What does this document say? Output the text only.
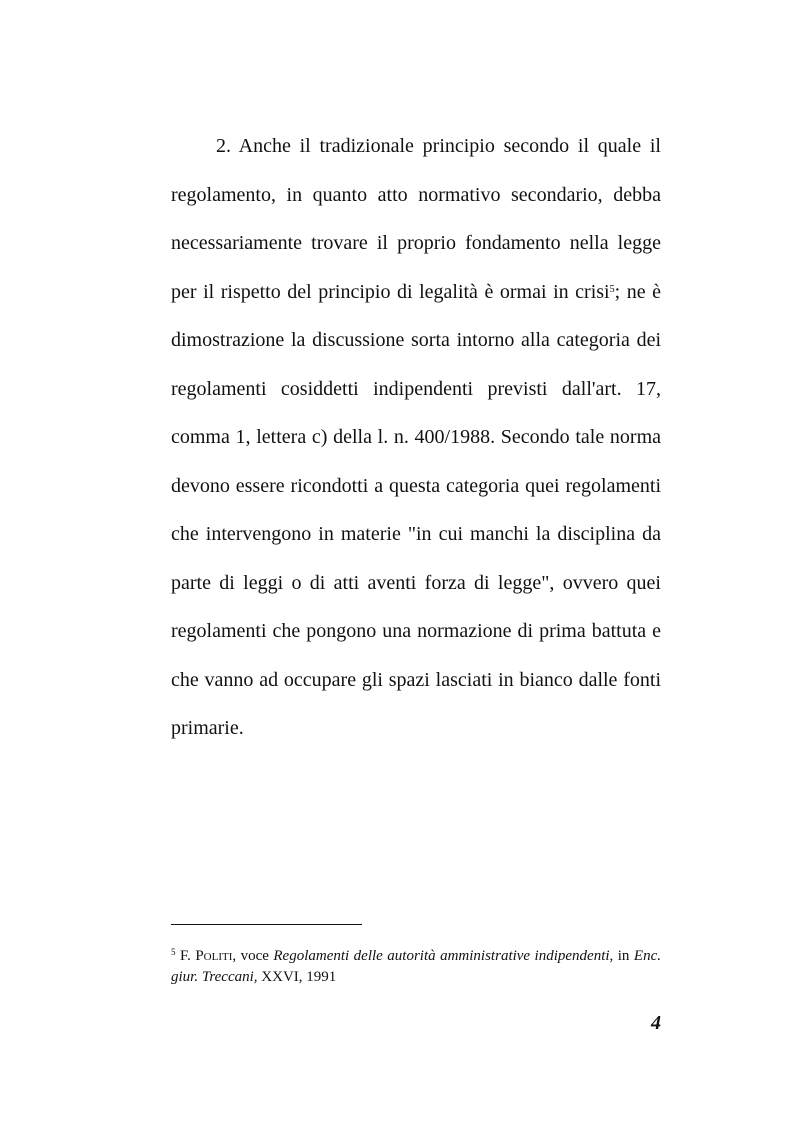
2. Anche il tradizionale principio secondo il quale il regolamento, in quanto atto normativo secondario, debba necessariamente trovare il proprio fondamento nella legge per il rispetto del principio di legalità è ormai in crisi$^5$; ne è dimostrazione la discussione sorta intorno alla categoria dei regolamenti cosiddetti indipendenti previsti dall'art. 17, comma 1, lettera c) della l. n. 400/1988. Secondo tale norma devono essere ricondotti a questa categoria quei regolamenti che intervengono in materie "in cui manchi la disciplina da parte di leggi o di atti aventi forza di legge", ovvero quei regolamenti che pongono una normazione di prima battuta e che vanno ad occupare gli spazi lasciati in bianco dalle fonti primarie.

$^5$ F. Politi, voce Regolamenti delle autorità amministrative indipendenti, in Enc. giur. Treccani, XXVI, 1991

4
